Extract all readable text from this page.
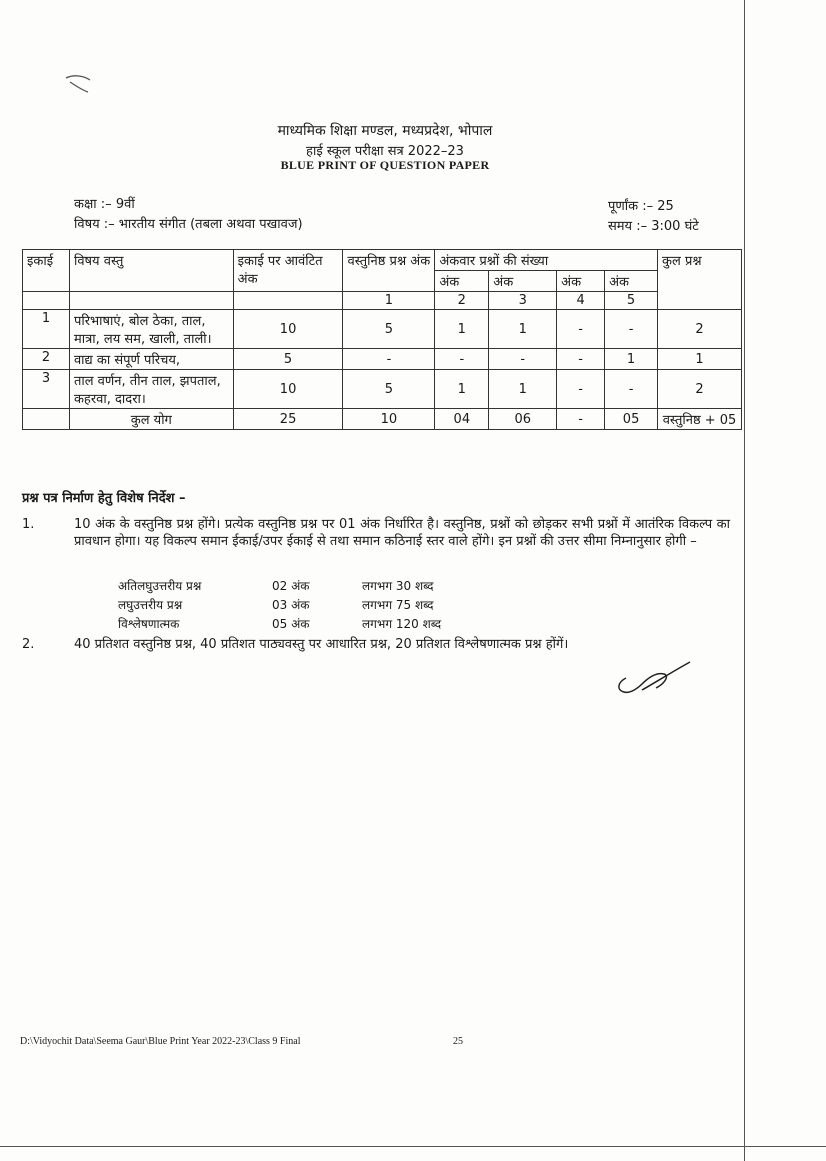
माध्यमिक शिक्षा मण्डल, मध्यप्रदेश, भोपाल
हाई स्कूल परीक्षा सत्र 2022–23
BLUE PRINT OF QUESTION PAPER
कक्षा :– 9वीं
विषय :– भारतीय संगीत (तबला अथवा पखावज)
पूर्णांक :– 25
समय :– 3:00 घंटे
इकाई	विषय वस्तु	इकाई पर आवंटित अंक	वस्तुनिष्ठ प्रश्न अंक	अंकवार प्रश्नों की संख्या				कुल प्रश्न
				अंक	अंक	अंक	अंक	
			1	2	3	4	5	
1	परिभाषाएं, बोल ठेका, ताल, मात्रा, लय सम, खाली, ताली।	10	5	1	1	-	-	2
2	वाद्य का संपूर्ण परिचय,	5	-	-	-	-	1	1
3	ताल वर्णन, तीन ताल, झपताल, कहरवा, दादरा।	10	5	1	1	-	-	2
	कुल योग	25	10	04	06	-	05	वस्तुनिष्ठ + 05
प्रश्न पत्र निर्माण हेतु विशेष निर्देश –
1.	10 अंक के वस्तुनिष्ठ प्रश्न होंगे। प्रत्येक वस्तुनिष्ठ प्रश्न पर 01 अंक निर्धारित है। वस्तुनिष्ठ, प्रश्नों को छोड़कर सभी प्रश्नों में आतंरिक विकल्प का प्रावधान होगा। यह विकल्प समान ईकाई/उपर ईकाई से तथा समान कठिनाई स्तर वाले होंगे। इन प्रश्नों की उत्तर सीमा निम्नानुसार होगी –
अतिलघुउत्तरीय प्रश्न	02 अंक	लगभग 30 शब्द
लघुउत्तरीय प्रश्न	03 अंक	लगभग 75 शब्द
विश्लेषणात्मक	05 अंक	लगभग 120 शब्द
2.	40 प्रतिशत वस्तुनिष्ठ प्रश्न, 40 प्रतिशत पाठ्यवस्तु पर आधारित प्रश्न, 20 प्रतिशत विश्लेषणात्मक प्रश्न होंगें।
D:\Vidyochit Data\Seema Gaur\Blue Print Year 2022-23\Class 9 Final	25
